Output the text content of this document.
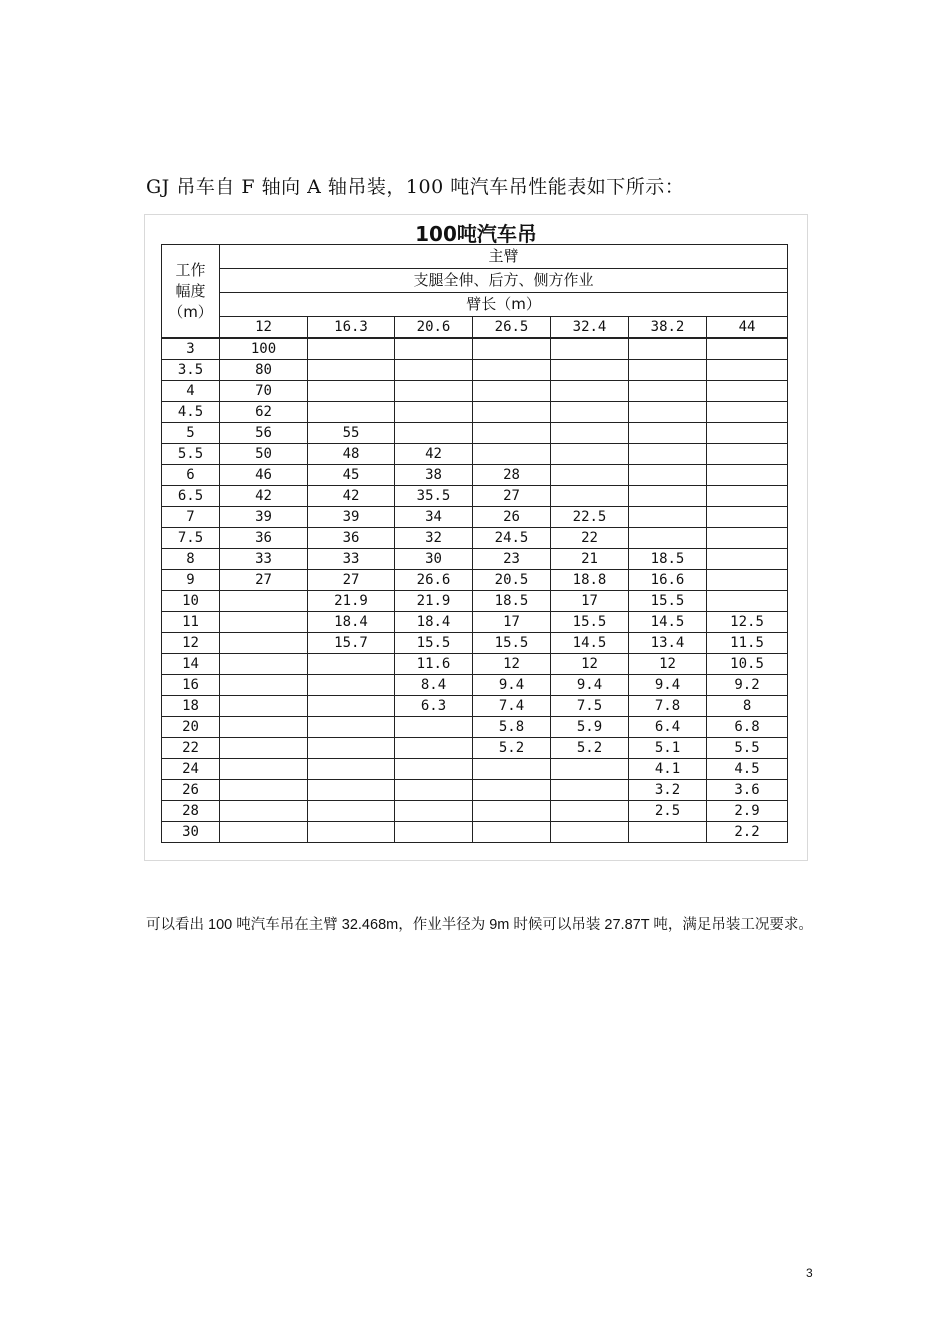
GJ 吊车自 F 轴向 A 轴吊装，100 吨汽车吊性能表如下所示：
100吨汽车吊
工作
幅度
（m）	主臂						
	支腿全伸、后方、侧方作业						
	臂长（m）						
	12	16.3	20.6	26.5	32.4	38.2	44
3	100						
3.5	80						
4	70						
4.5	62						
5	56	55					
5.5	50	48	42				
6	46	45	38	28			
6.5	42	42	35.5	27			
7	39	39	34	26	22.5		
7.5	36	36	32	24.5	22		
8	33	33	30	23	21	18.5	
9	27	27	26.6	20.5	18.8	16.6	
10		21.9	21.9	18.5	17	15.5	
11		18.4	18.4	17	15.5	14.5	12.5
12		15.7	15.5	15.5	14.5	13.4	11.5
14			11.6	12	12	12	10.5
16			8.4	9.4	9.4	9.4	9.2
18			6.3	7.4	7.5	7.8	8
20				5.8	5.9	6.4	6.8
22				5.2	5.2	5.1	5.5
24						4.1	4.5
26						3.2	3.6
28						2.5	2.9
30							2.2
可以看出 100 吨汽车吊在主臂 32.468m，作业半径为 9m 时候可以吊装 27.87T 吨，满足吊装工况要求。
3
